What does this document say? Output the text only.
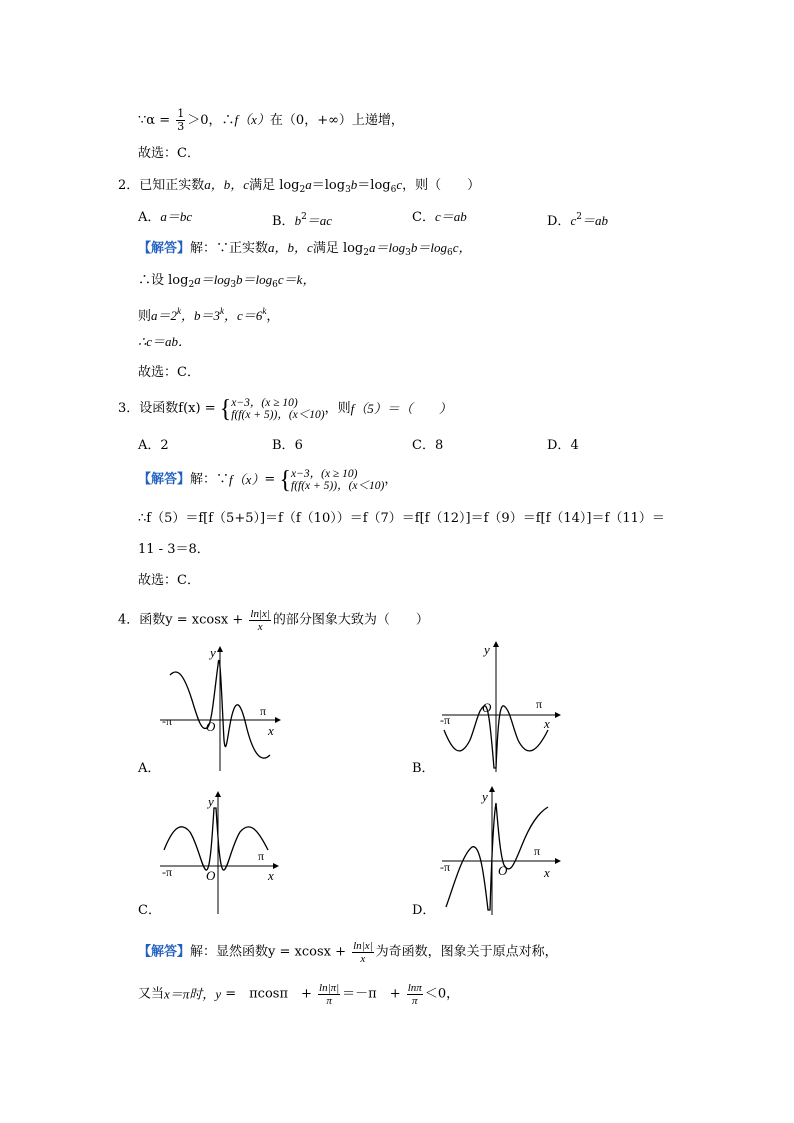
∵α = $\frac{1}{3} >0$，∴f（x）在（0，+∞）上递增，
故选：C．
2．已知正实数a，b，c满足 $\log_2a=\log_3b=\log_6c$，则（　　）
A．a＝bc	B．$b^2=ac$	C．c＝ab	D．$c^2=ab$
【解答】解：∵正实数a，b，c满足 $\log_2a=\log_3b=\log_6c$，
∴设 $\log_2a=\log_3b=\log_6c=k$，
则$a=2^k$，$b=3^k$，$c=6^k$，
∴c＝ab．
故选：C．
3．设函数f(x) = { x−3，(x ≥ 10)
f(f(x + 5))，(x＜10) ，则f（5）＝（　　）
A．2	B．6	C．8	D．4
【解答】解：∵f（x）= { x−3，(x ≥ 10)
f(f(x + 5))，(x＜10) ，
∴f（5）＝f[f（5+5）]＝f（f（10））＝f（7）＝f[f（12）]＝f（9）＝f[f（14）]＝f（11）＝
11 - 3＝8．
故选：C．
4．函数$y = xcosx + \frac{\ln|x|}{x}$ 的部分图象大致为（　　）
y
x
O
-π
π
A．
y
x
O
-π
π
B．
y
x
O
-π
π
C．
y
x
O
-π
π
D．
【解答】解：显然函数$y = xcosx + \frac{\ln|x|}{x}$ 为奇函数，图象关于原点对称，
又当x＝π时，y =　πcosπ　+ $\frac{\ln|\pi|}{\pi} =-\pi$　+ $\frac{\ln\pi}{\pi} <0$，
